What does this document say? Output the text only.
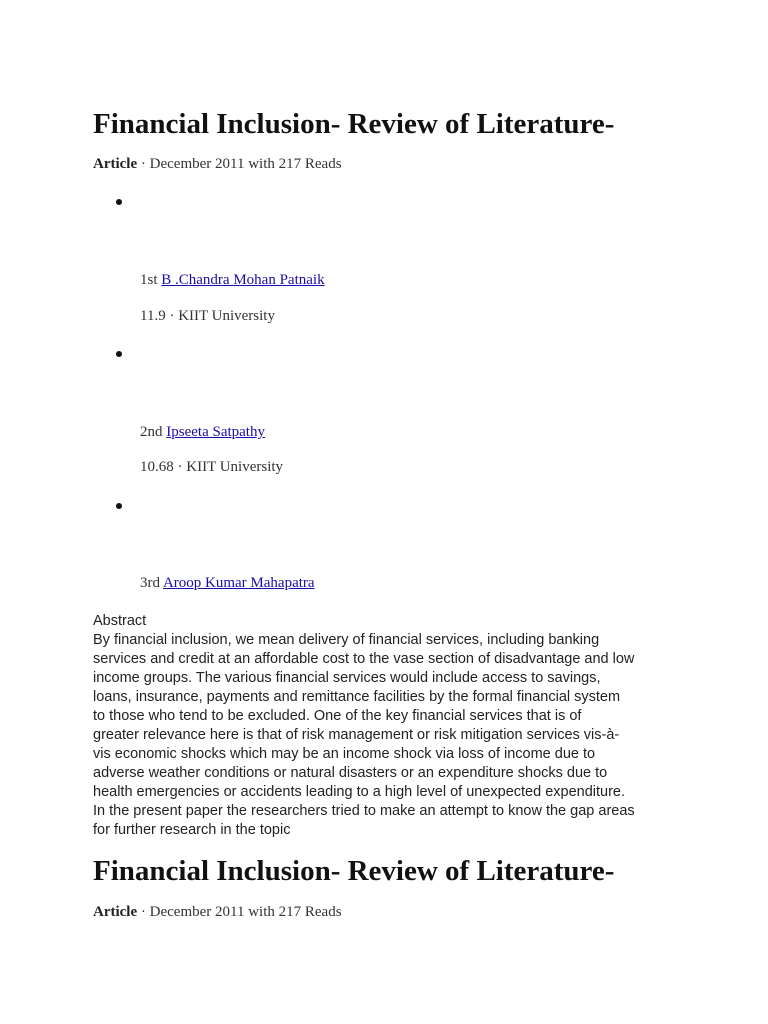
Financial Inclusion- Review of Literature-
Article · December 2011 with 217 Reads
1st B .Chandra Mohan Patnaik
11.9 · KIIT University
2nd Ipseeta Satpathy
10.68 · KIIT University
3rd Aroop Kumar Mahapatra

Abstract

By financial inclusion, we mean delivery of financial services, including banking

services and credit at an affordable cost to the vase section of disadvantage and low

income groups. The various financial services would include access to savings,

loans, insurance, payments and remittance facilities by the formal financial system

to those who tend to be excluded. One of the key financial services that is of

greater relevance here is that of risk management or risk mitigation services vis-à-

vis economic shocks which may be an income shock via loss of income due to

adverse weather conditions or natural disasters or an expenditure shocks due to

health emergencies or accidents leading to a high level of unexpected expenditure.

In the present paper the researchers tried to make an attempt to know the gap areas

for further research in the topic

Financial Inclusion- Review of Literature-
Article · December 2011 with 217 Reads
